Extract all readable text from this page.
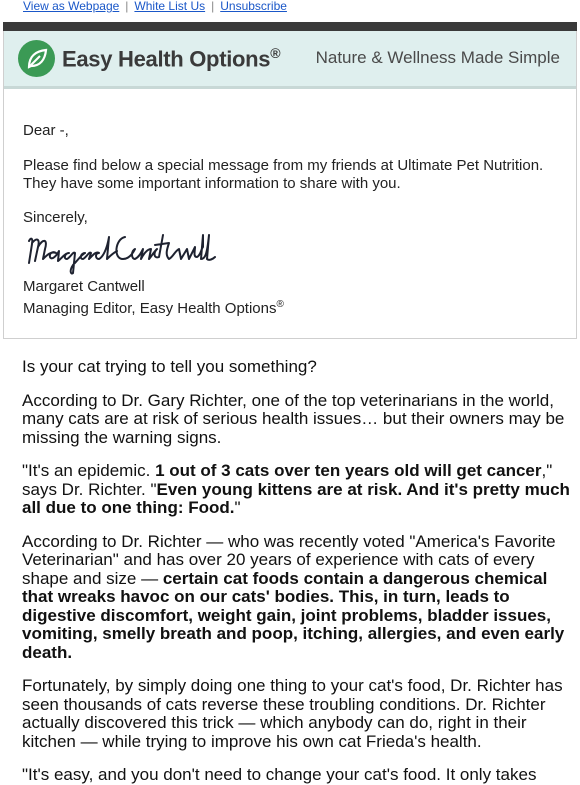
View as Webpage | White List Us | Unsubscribe
Easy Health Options® Nature & Wellness Made Simple

Dear -,

Please find below a special message from my friends at Ultimate Pet Nutrition. They have some important information to share with you.

Sincerely,

Margaret Cantwell

Managing Editor, Easy Health Options®

Is your cat trying to tell you something?

According to Dr. Gary Richter, one of the top veterinarians in the world, many cats are at risk of serious health issues… but their owners may be missing the warning signs.

"It's an epidemic. 1 out of 3 cats over ten years old will get cancer," says Dr. Richter. "Even young kittens are at risk. And it's pretty much all due to one thing: Food."

According to Dr. Richter — who was recently voted "America's Favorite Veterinarian" and has over 20 years of experience with cats of every shape and size — certain cat foods contain a dangerous chemical that wreaks havoc on our cats' bodies. This, in turn, leads to digestive discomfort, weight gain, joint problems, bladder issues, vomiting, smelly breath and poop, itching, allergies, and even early death.

Fortunately, by simply doing one thing to your cat's food, Dr. Richter has seen thousands of cats reverse these troubling conditions. Dr. Richter actually discovered this trick — which anybody can do, right in their kitchen — while trying to improve his own cat Frieda's health.

"It's easy, and you don't need to change your cat's food. It only takes
